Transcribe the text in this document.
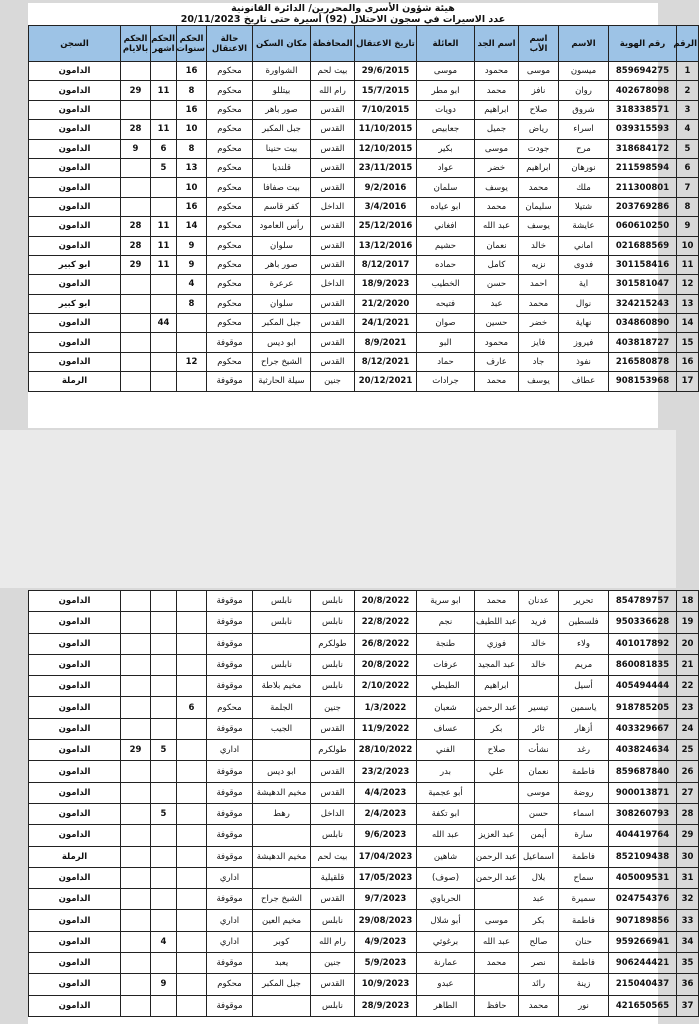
هيئة شؤون الأسرى والمحررين/ الدائرة القانونية
عدد الاسيرات في سجون الاحتلال (92) أسيرة حتى تاريخ 20/11/2023
الرقم	رقم الهوية	الاسم	اسم الأب	اسم الجد	العائلة	تاريخ الاعتقال	المحافظة	مكان السكن	حالة الاعتقال	الحكم سنوات	الحكم اشهر	الحكم بالايام	السجن
1	859694275	ميسون	موسى	محمود	موسى	29/6/2015	بيت لحم	الشواورة	محكوم	16			الدامون
2	402678098	روان	نافز	محمد	ابو مطر	15/7/2015	رام الله	بيتللو	محكوم	8	11	29	الدامون
3	318338571	شروق	صلاح	ابراهيم	دويات	7/10/2015	القدس	صور باهر	محكوم	16			الدامون
4	039315593	اسراء	رياض	جميل	جعابيص	11/10/2015	القدس	جبل المكبر	محكوم	10	11	28	الدامون
5	318684172	مرح	جودت	موسى	بكير	12/10/2015	القدس	بيت حنينا	محكوم	8	6	9	الدامون
6	211598594	نورهان	ابراهيم	خضر	عواد	23/11/2015	القدس	قلنديا	محكوم	13	5		الدامون
7	211300801	ملك	محمد	يوسف	سلمان	9/2/2016	القدس	بيت صفافا	محكوم	10			الدامون
8	203769286	شتيلا	سليمان	محمد	ابو عياده	3/4/2016	الداخل	كفر قاسم	محكوم	16			الدامون
9	060610250	عايشة	يوسف	عبد الله	افغاني	25/12/2016	القدس	رأس العامود	محكوم	14	11	28	الدامون
10	021688569	اماني	خالد	نعمان	حشيم	13/12/2016	القدس	سلوان	محكوم	9	11	28	الدامون
11	301158416	فدوى	نزيه	كامل	حماده	8/12/2017	القدس	صور باهر	محكوم	9	11	29	ابو كبير
12	301581047	اية	احمد	حسن	الخطيب	18/9/2023	الداخل	عرعرة	محكوم	4			الدامون
13	324215243	نوال	محمد	عبد	فتيحه	21/2/2020	القدس	سلوان	محكوم	8			ابو كبير
14	034860890	نهاية	خضر	حسين	صوان	24/1/2021	القدس	جبل المكبر	محكوم		44		الدامون
15	403818727	فيروز	فايز	محمود	البو	8/9/2021	القدس	ابو ديس	موقوفة				الدامون
16	216580878	نفوذ	جاد	عارف	حماد	8/12/2021	القدس	الشيخ جراح	محكوم	12			الدامون
17	908153968	عطاف	يوسف	محمد	جرادات	20/12/2021	جنين	سيلة الحارثية	موقوفة				الرملة
18	854789757	تحرير	عدنان	محمد	ابو سرية	20/8/2022	نابلس	نابلس	موقوفة				الدامون
19	950336628	فلسطين	فريد	عبد اللطيف	نجم	22/8/2022	نابلس	نابلس	موقوفة				الدامون
20	401017892	ولاء	خالد	فوزي	طنجة	26/8/2022	طولكرم		موقوفة				الدامون
21	860081835	مريم	خالد	عبد المجيد	عرفات	20/8/2022	نابلس	نابلس	موقوفة				الدامون
22	405494444	أسيل		ابراهيم	الطيطي	2/10/2022	نابلس	مخيم بلاطة	موقوفة				الدامون
23	918785205	ياسمين	تيسير	عبد الرحمن	شعبان	1/3/2022	جنين	الجلمة	محكوم	6			الدامون
24	403329667	أزهار	ثائر	بكر	عساف	11/9/2022	القدس	الجيب	موقوفة				الدامون
25	403824634	رغد	نشأت	صلاح	الفني	28/10/2022	طولكرم		اداري		5	29	الدامون
26	859687840	فاطمة	نعمان	علي	بدر	23/2/2023	القدس	ابو ديس	موقوفة				الدامون
27	900013871	روضة	موسى		أبو عجمية	4/4/2023	القدس	مخيم الدهيشة	موقوفة				الدامون
28	308260793	اسماء	حسن		ابو تكفة	2/4/2023	الداخل	رهط	موقوفة		5		الدامون
29	404419764	سارة	أيمن	عبد العزيز	عبد الله	9/6/2023	نابلس		موقوفة				الدامون
30	852109438	فاطمة	اسماعيل	عبد الرحمن	شاهين	17/04/2023	بيت لحم	مخيم الدهيشة	موقوفة				الرملة
31	405009531	سماح	بلال	عبد الرحمن	(صوف)	17/05/2023	قلقيلية		اداري				الدامون
32	024754376	سميرة	عبد		الحرباوي	9/7/2023	القدس	الشيخ جراح	موقوفة				الدامون
33	907189856	فاطمة	بكر	موسى	أبو شلال	29/08/2023	نابلس	مخيم العين	اداري				الدامون
34	959266941	حنان	صالح	عبد الله	برغوثي	4/9/2023	رام الله	كوبر	اداري		4		الدامون
35	906244421	فاطمة	نصر	محمد	عمارنة	5/9/2023	جنين	يعبد	موقوفة				الدامون
36	215040437	زينة	رائد		عبدو	10/9/2023	القدس	جبل المكبر	محكوم		9		الدامون
37	421650565	نور	محمد	حافظ	الطاهر	28/9/2023	نابلس		موقوفة				الدامون
